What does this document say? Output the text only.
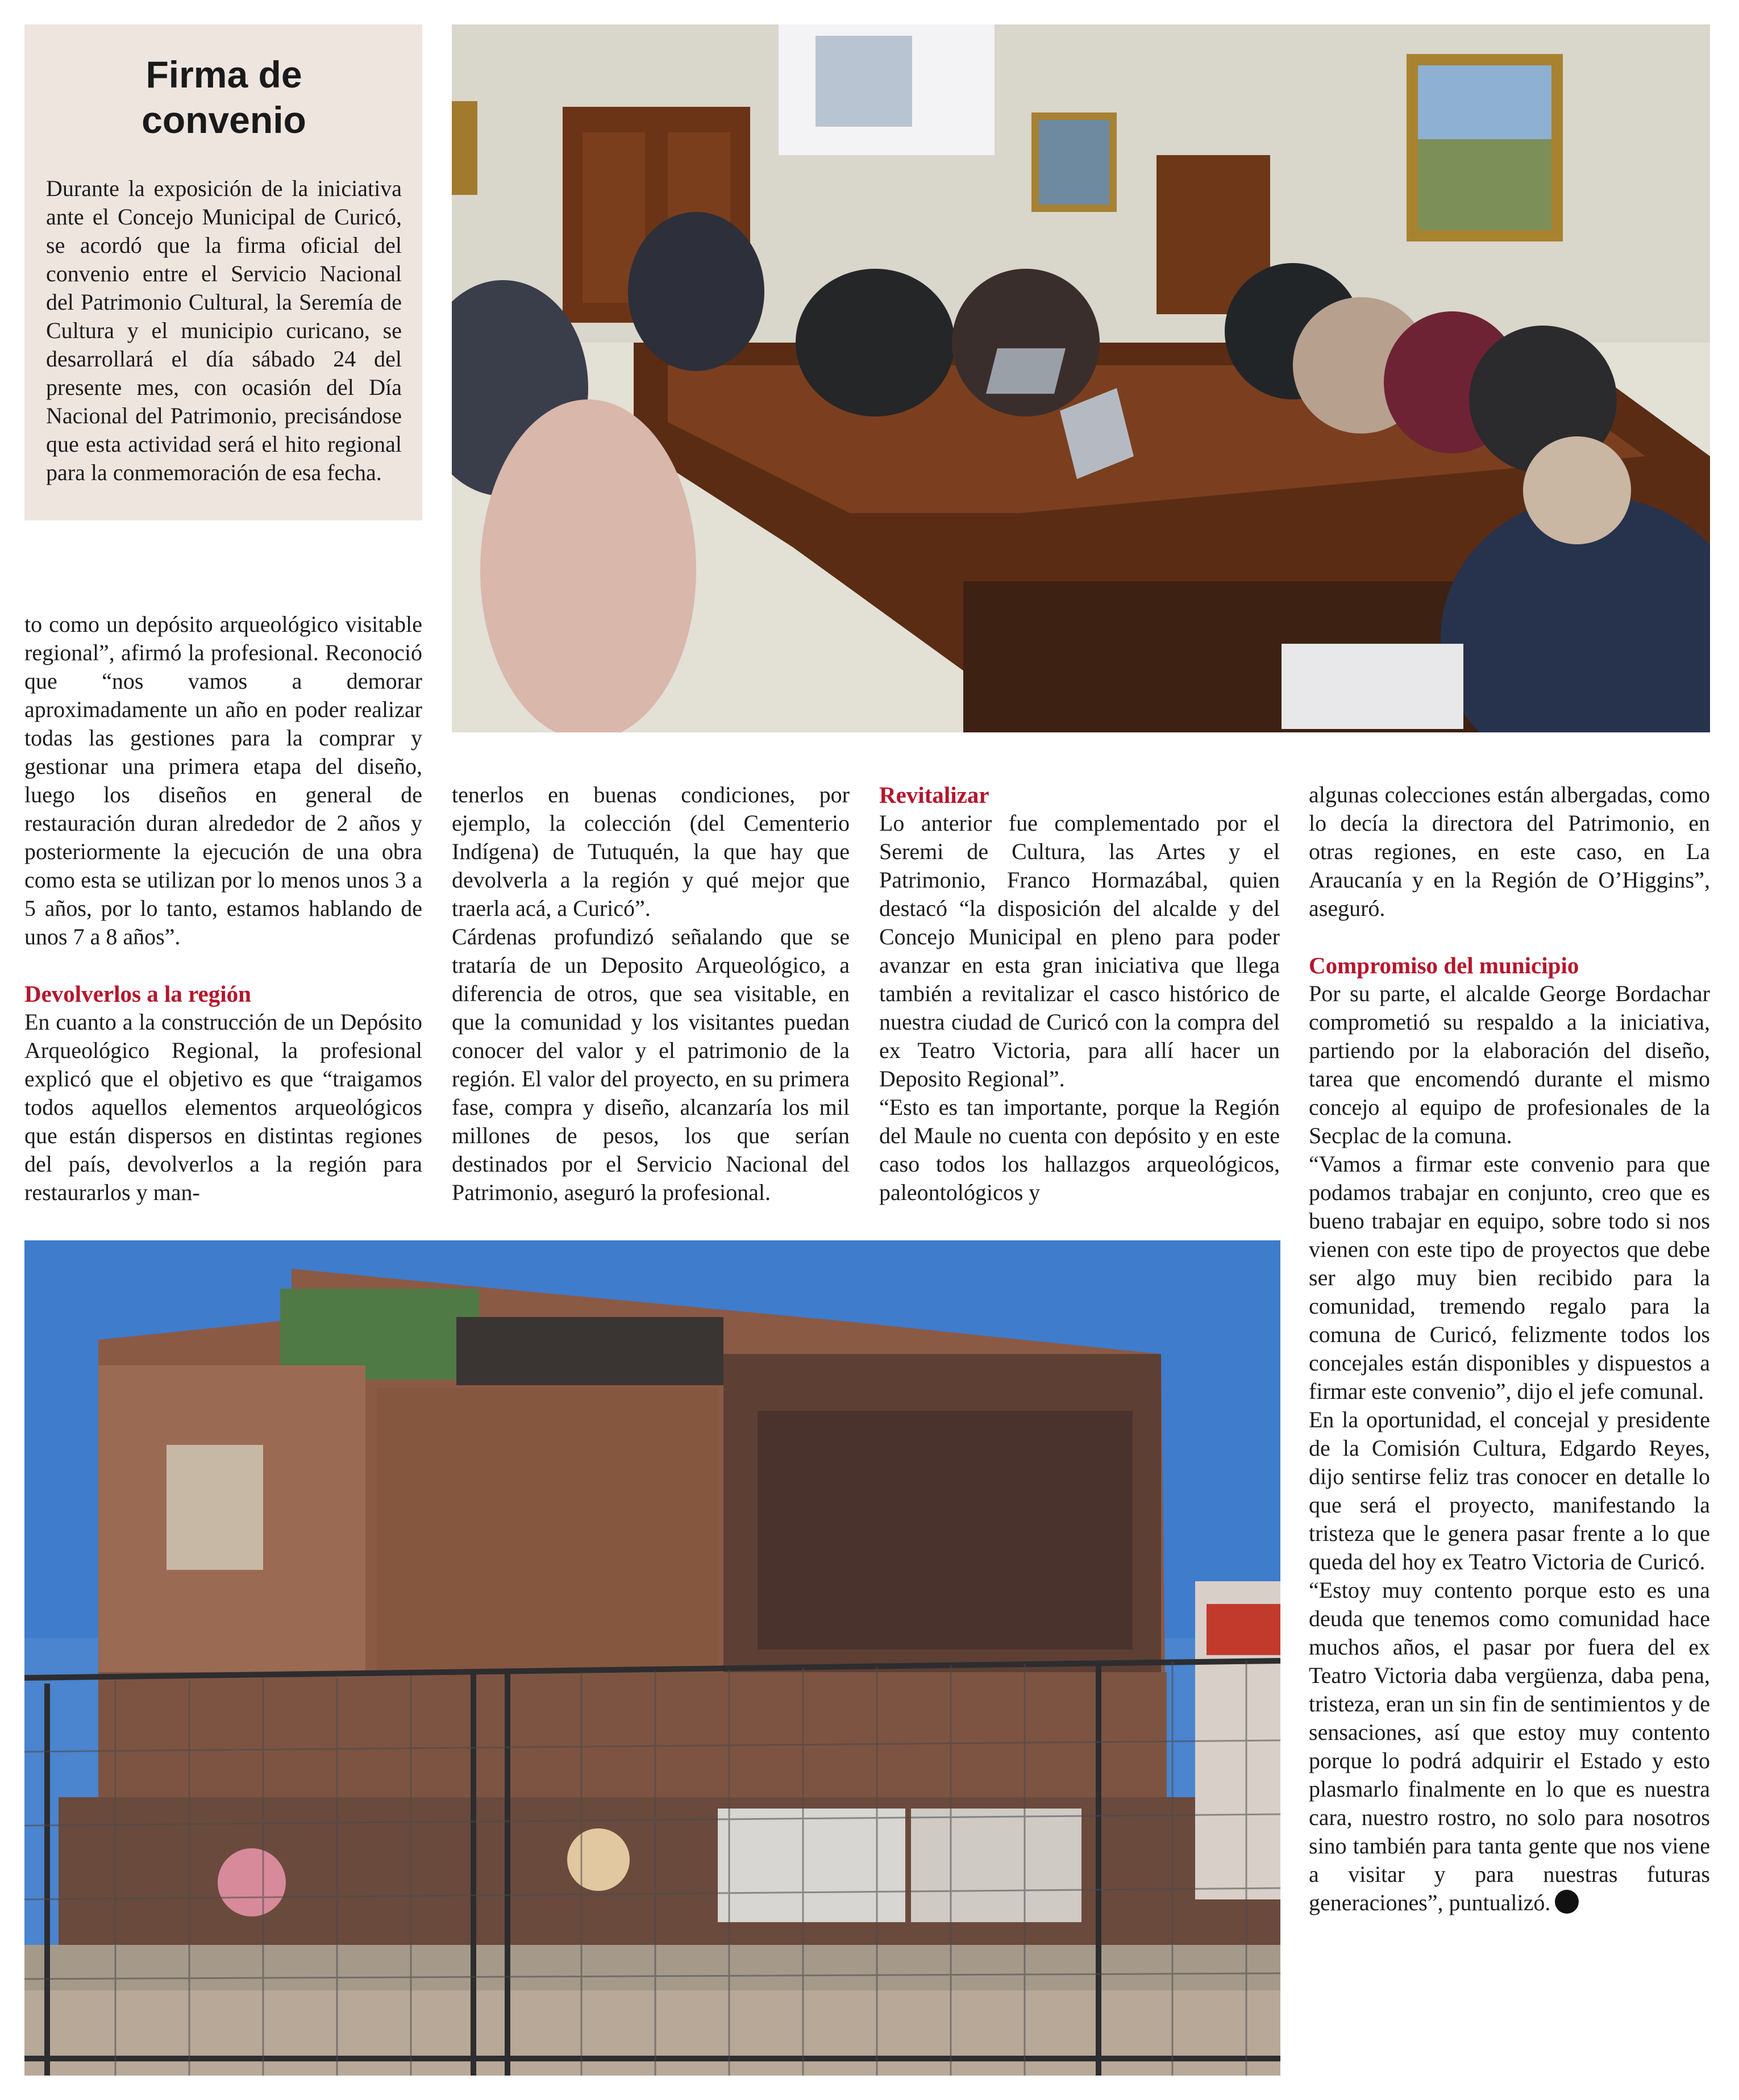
Firma de
convenio

Durante la exposición de la iniciativa ante el Concejo Municipal de Curicó, se acordó que la firma oficial del convenio entre el Servicio Nacional del Patrimonio Cultural, la Seremía de Cultura y el municipio curicano, se desarrollará el día sábado 24 del presente mes, con ocasión del Día Nacional del Patrimonio, precisándose que esta actividad será el hito regional para la conmemoración de esa fecha.

to como un depósito arqueológico visitable regional”, afirmó la profesional. Reconoció que “nos vamos a demorar aproximadamente un año en poder realizar todas las gestiones para la comprar y gestionar una primera etapa del diseño, luego los diseños en general de restauración duran alrededor de 2 años y posteriormente la ejecución de una obra como esta se utilizan por lo menos unos 3 a 5 años, por lo tanto, estamos hablando de unos 7 a 8 años”.

Devolverlos a la región

En cuanto a la construcción de un Depósito Arqueológico Regional, la profesional explicó que el objetivo es que “traigamos todos aquellos elementos arqueológicos que están dispersos en distintas regiones del país, devolverlos a la región para restaurarlos y man-

tenerlos en buenas condiciones, por ejemplo, la colección (del Cementerio Indígena) de Tutuquén, la que hay que devolverla a la región y qué mejor que traerla acá, a Curicó”.

Cárdenas profundizó señalando que se trataría de un Deposito Arqueológico, a diferencia de otros, que sea visitable, en que la comunidad y los visitantes puedan conocer del valor y el patrimonio de la región. El valor del proyecto, en su primera fase, compra y diseño, alcanzaría los mil millones de pesos, los que serían destinados por el Servicio Nacional del Patrimonio, aseguró la profesional.

Revitalizar

Lo anterior fue complementado por el Seremi de Cultura, las Artes y el Patrimonio, Franco Hormazábal, quien destacó “la disposición del alcalde y del Concejo Municipal en pleno para poder avanzar en esta gran iniciativa que llega también a revitalizar el casco histórico de nuestra ciudad de Curicó con la compra del ex Teatro Victoria, para allí hacer un Deposito Regional”.

“Esto es tan importante, porque la Región del Maule no cuenta con depósito y en este caso todos los hallazgos arqueológicos, paleontológicos y

algunas colecciones están albergadas, como lo decía la directora del Patrimonio, en otras regiones, en este caso, en La Araucanía y en la Región de O’Higgins”, aseguró.

Compromiso del municipio

Por su parte, el alcalde George Bordachar comprometió su respaldo a la iniciativa, partiendo por la elaboración del diseño, tarea que encomendó durante el mismo concejo al equipo de profesionales de la Secplac de la comuna.

“Vamos a firmar este convenio para que podamos trabajar en conjunto, creo que es bueno trabajar en equipo, sobre todo si nos vienen con este tipo de proyectos que debe ser algo muy bien recibido para la comunidad, tremendo regalo para la comuna de Curicó, felizmente todos los concejales están disponibles y dispuestos a firmar este convenio”, dijo el jefe comunal.

En la oportunidad, el concejal y presidente de la Comisión Cultura, Edgardo Reyes, dijo sentirse feliz tras conocer en detalle lo que será el proyecto, manifestando la tristeza que le genera pasar frente a lo que queda del hoy ex Teatro Victoria de Curicó.

“Estoy muy contento porque esto es una deuda que tenemos como comunidad hace muchos años, el pasar por fuera del ex Teatro Victoria daba vergüenza, daba pena, tristeza, eran un sin fin de sentimientos y de sensaciones, así que estoy muy contento porque lo podrá adquirir el Estado y esto plasmarlo finalmente en lo que es nuestra cara, nuestro rostro, no solo para nosotros sino también para tanta gente que nos viene a visitar y para nuestras futuras generaciones”, puntualizó.
